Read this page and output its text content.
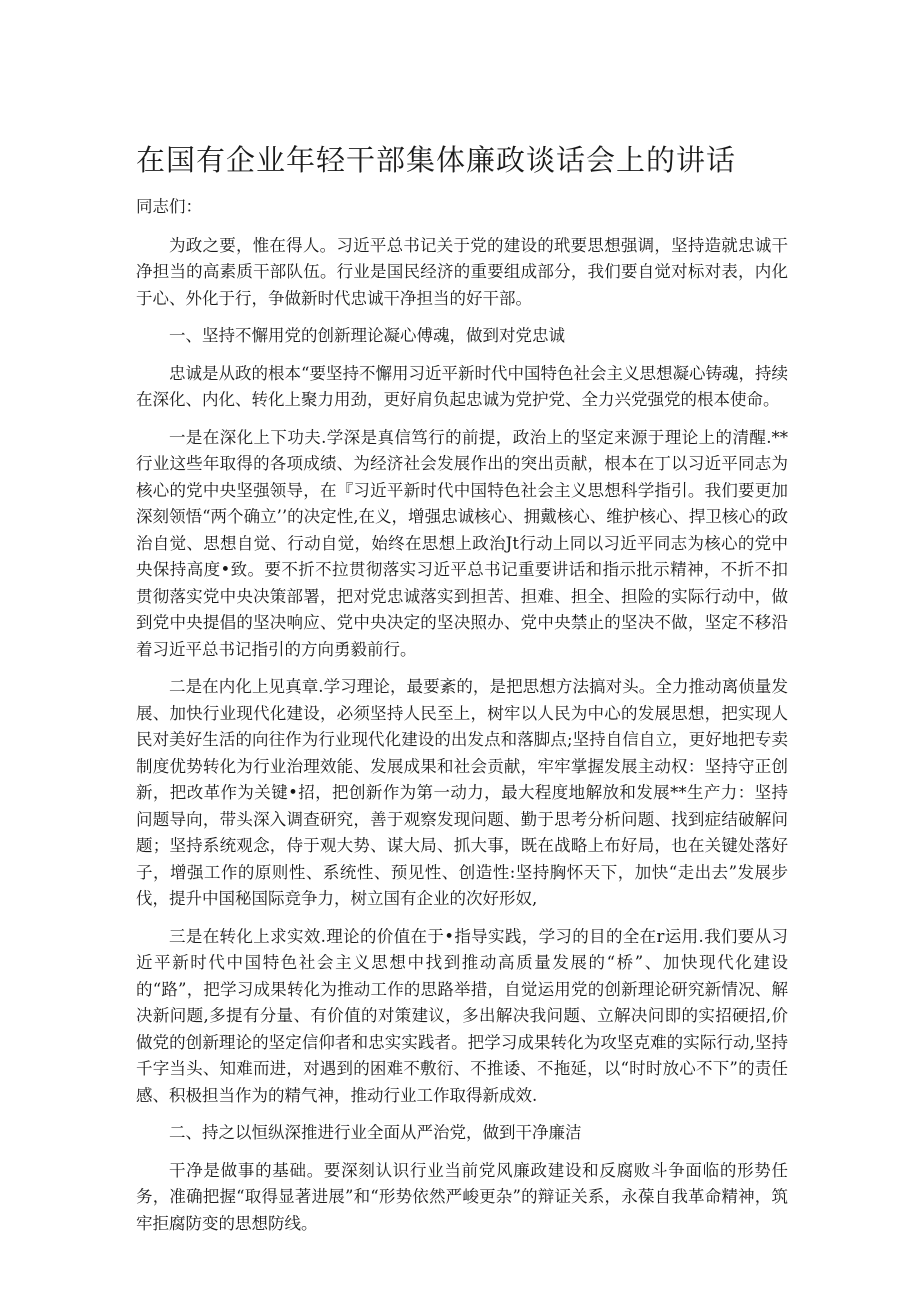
在国有企业年轻干部集体廉政谈话会上的讲话

同志们：

为政之要，惟在得人。习近平总书记关于党的建设的玳要思想强调，坚持造就忠诚干净担当的高素质干部队伍。行业是国民经济的重要组成部分，我们要自觉对标对表，内化于心、外化于行，争做新时代忠诚干净担当的好干部。

一、坚持不懈用党的创新理论凝心傅魂，做到对党忠诚

忠诚是从政的根本“要坚持不懈用习近平新时代中国特色社会主义思想凝心铸魂，持续在深化、内化、转化上聚力用劲，更好肩负起忠诚为党护党、全力兴党强党的根本使命。

一是在深化上下功夫.学深是真信笃行的前提，政治上的坚定来源于理论上的清醒.**行业这些年取得的各项成绩、为经济社会发展作出的突出贡献，根本在丁以习近平同志为核心的党中央坚强领导，在『习近平新时代中国特色社会主义思想科学指引。我们要更加深刻领悟“两个确立’’的决定性,在义，增强忠诚核心、拥戴核心、维护核心、捍卫核心的政治自觉、思想自觉、行动自觉，始终在思想上政治Jt行动上同以习近平同志为核心的党中央保持高度•致。要不折不拉贯彻落实习近平总书记重要讲话和指示批示精神，不折不扣贯彻落实党中央决策部署，把对党忠诚落实到担苦、担难、担全、担险的实际行动中，做到党中央提倡的坚决响应、党中央决定的坚决照办、党中央禁止的坚决不做，坚定不移沿着习近平总书记指引的方向勇毅前行。

二是在内化上见真章.学习理论，最要紊的，是把思想方法搞对头。全力推动离侦量发展、加快行业现代化建设，必须坚持人民至上，树牢以人民为中心的发展思想，把实现人民对美好生活的向往作为行业现代化建设的出发点和落脚点;坚持自信自立，更好地把专卖制度优势转化为行业治理效能、发展成果和社会贡献，牢牢掌握发展主动权：坚持守正创新，把改革作为关键•招，把创新作为第一动力，最大程度地解放和发展**生产力：坚持问题导向，带头深入调查研究，善于观察发现问题、勤于思考分析问题、找到症结破解问题；坚持系统观念，侍于观大势、谋大局、抓大事，既在战略上布好局，也在关键处落好子，增强工作的原则性、系统性、预见性、创造性:坚持胸怀天下，加快“走出去”发展步伐，提升中国秘国际竞争力，树立国有企业的次好形奴,

三是在转化上求实效.理论的价值在于•指导实践，学习的目的全在r运用.我们要从习近平新时代中国特色社会主义思想中找到推动高质量发展的“桥”、加快现代化建设的“路”，把学习成果转化为推动工作的思路举措，自觉运用党的创新理论研究新情况、解决新问题,多提有分量、有价值的对策建议，多出解决我问题、立解决问即的实招硬招,价做党的创新理论的坚定信仰者和忠实实践者。把学习成果转化为攻坚克难的实际行动,坚持千字当头、知难而进，对遇到的困难不敷衍、不推诿、不拖延，以“时时放心不下”的责任感、积极担当作为的精气神，推动行业工作取得新成效.

二、持之以恒纵深推进行业全面从严治党，做到干净廉洁

干净是做事的基础。要深刻认识行业当前党风廉政建设和反腐败斗争面临的形势任务，准确把握“取得显著进展”和“形势依然严峻更杂”的辩证关系，永葆自我革命精神，筑牢拒腐防变的思想防线。
